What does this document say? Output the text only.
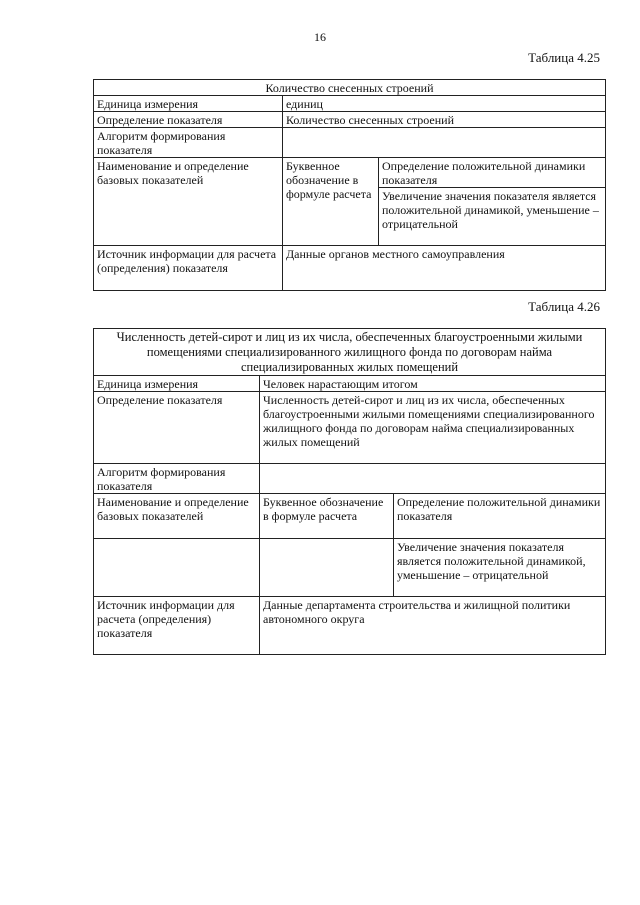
16
Таблица 4.25
Количество снесенных строений		
Единица измерения	единиц	
Определение показателя	Количество снесенных строений	
Алгоритм формирования показателя		
Наименование и определение базовых показателей	Буквенное обозначение в формуле расчета	Определение положительной динамики показателя
		Увеличение значения показателя является положительной динамикой, уменьшение – отрицательной
Источник информации для расчета (определения) показателя	Данные органов местного самоуправления	
Таблица 4.26
Численность детей-сирот и лиц из их числа, обеспеченных благоустроенными жилыми помещениями специализированного жилищного фонда по договорам найма специализированных жилых помещений		
Единица измерения	Человек нарастающим итогом	
Определение показателя	Численность детей-сирот и лиц из их числа, обеспеченных благоустроенными жилыми помещениями специализированного жилищного фонда по договорам найма специализированных жилых помещений	
Алгоритм формирования показателя		
Наименование и определение базовых показателей	Буквенное обозначение в формуле расчета	Определение положительной динамики показателя
		Увеличение значения показателя является положительной динамикой, уменьшение – отрицательной
Источник информации для расчета (определения) показателя	Данные департамента строительства и жилищной политики автономного округа	
